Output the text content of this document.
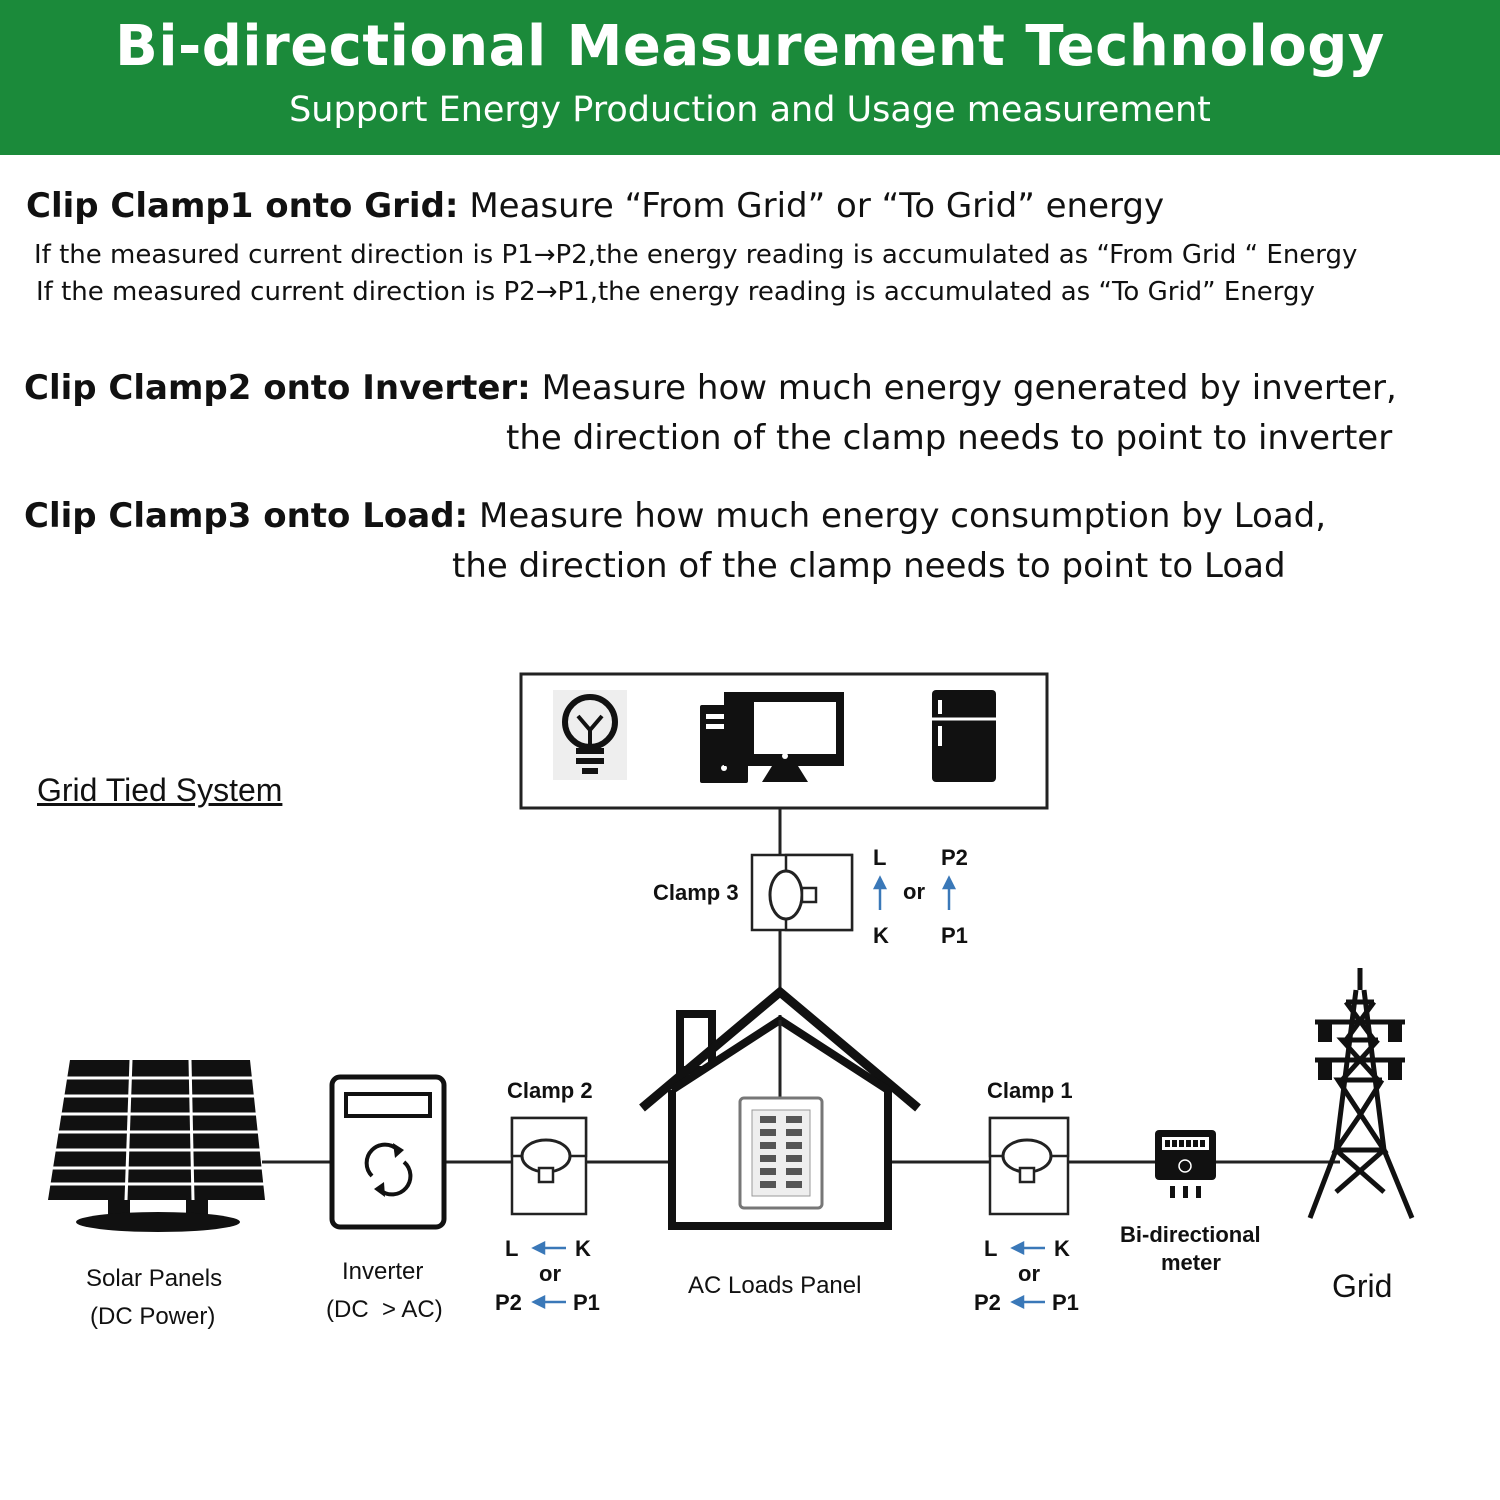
Bi-directional Measurement Technology
Support Energy Production and Usage measurement
Clip Clamp1 onto Grid: Measure “From Grid” or “To Grid” energy
If the measured current direction is P1→P2,the energy reading is accumulated as “From Grid “ Energy
If the measured current direction is P2→P1,the energy reading is accumulated as “To Grid” Energy
Clip Clamp2 onto Inverter: Measure how much energy generated by inverter,
the direction of the clamp needs to point to inverter
Clip Clamp3 onto Load: Measure how much energy consumption by Load,
the direction of the clamp needs to point to Load
Grid Tied System
Clamp 3
L P2
or
K P1
Clamp 2
L	K
or
P2 P1
Clamp 1
L	K
or
P2 P1
Solar Panels
(DC Power)
Inverter
(DC  > AC)
AC Loads Panel
Bi-directional
meter
Grid
